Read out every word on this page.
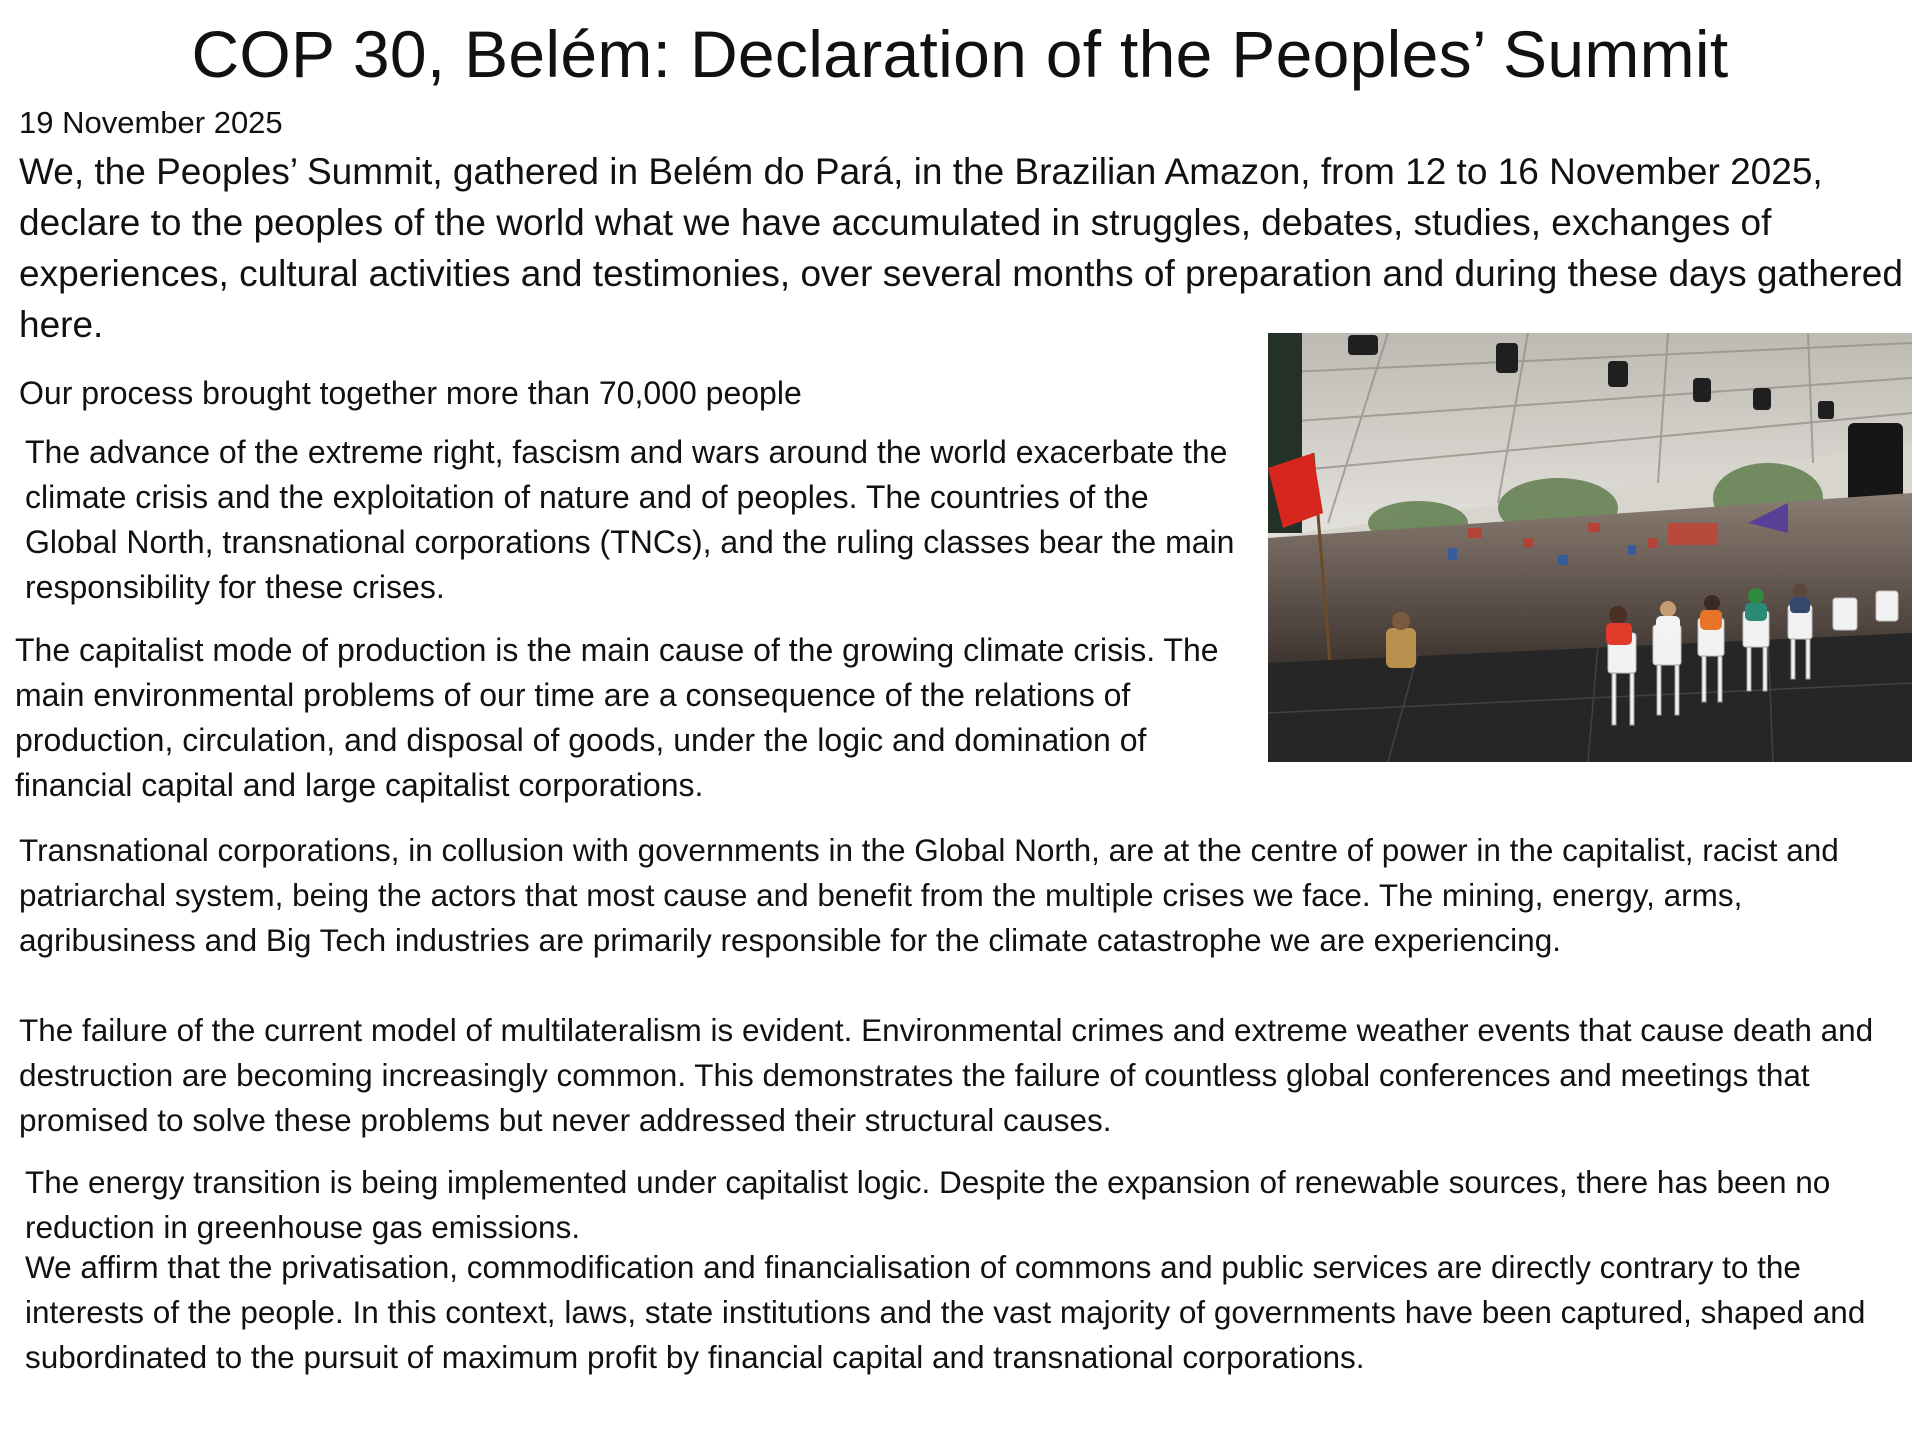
COP 30, Belém: Declaration of the Peoples’ Summit
19 November 2025

We, the Peoples’ Summit, gathered in Belém do Pará, in the Brazilian Amazon, from 12 to 16 November 2025, declare to the peoples of the world what we have accumulated in struggles, debates, studies, exchanges of experiences, cultural activities and testimonies, over several months of preparation and during these days gathered here.

Our process brought together more than 70,000 people

The advance of the extreme right, fascism and wars around the world exacerbate the climate crisis and the exploitation of nature and of peoples. The countries of the Global North, transnational corporations (TNCs), and the ruling classes bear the main responsibility for these crises.

The capitalist mode of production is the main cause of the growing climate crisis. The main environmental problems of our time are a consequence of the relations of production, circulation, and disposal of goods, under the logic and domination of financial capital and large capitalist corporations.

Transnational corporations, in collusion with governments in the Global North, are at the centre of power in the capitalist, racist and patriarchal system, being the actors that most cause and benefit from the multiple crises we face. The mining, energy, arms, agribusiness and Big Tech industries are primarily responsible for the climate catastrophe we are experiencing.

The failure of the current model of multilateralism is evident. Environmental crimes and extreme weather events that cause death and destruction are becoming increasingly common. This demonstrates the failure of countless global conferences and meetings that promised to solve these problems but never addressed their structural causes.

The energy transition is being implemented under capitalist logic. Despite the expansion of renewable sources, there has been no reduction in greenhouse gas emissions.

We affirm that the privatisation, commodification and financialisation of commons and public services are directly contrary to the interests of the people. In this context, laws, state institutions and the vast majority of governments have been captured, shaped and subordinated to the pursuit of maximum profit by financial capital and transnational corporations.
